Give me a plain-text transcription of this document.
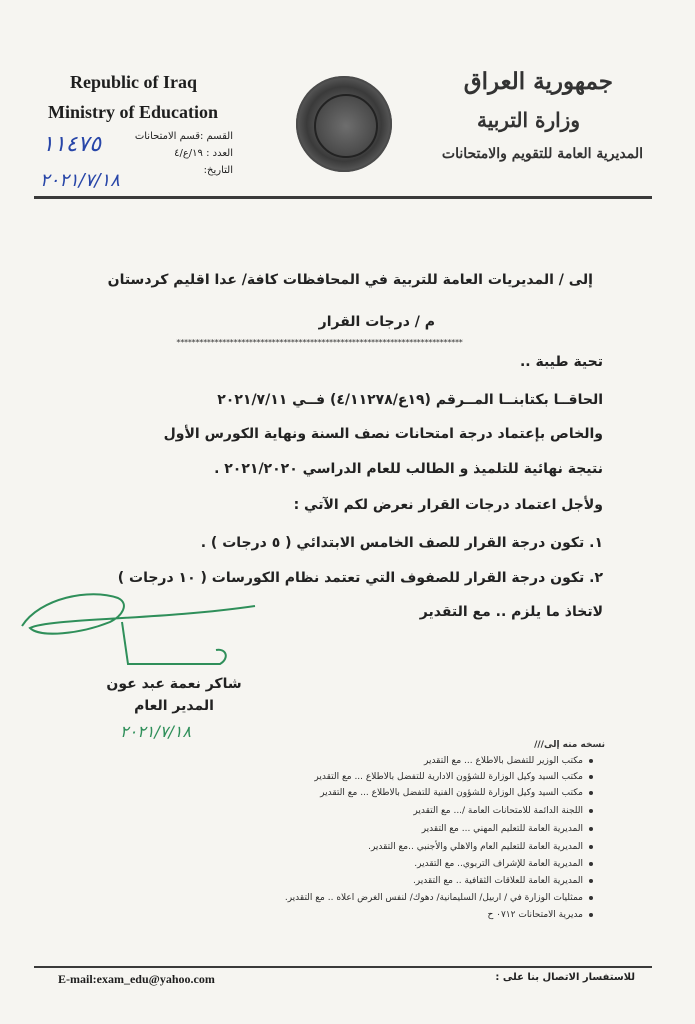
Republic of Iraq
Ministry of Education
القسم :قسم الامتحانات
العدد : ١٩/ع/٤
التاريخ:
١١٤٧٥
٢٠٢١/٧/١٨
جمهورية العراق
وزارة التربية
المديرية العامة للتقويم والامتحانات
إلى / المديريات العامة للتربية في المحافظات كافة/ عدا اقليم كردستان
م / درجات القرار
***************************************************************************
تحية طيبة ..
الحاقــا بكتابنــا المــرقم (١٩ع/٤/١١٢٧٨) فــي ٢٠٢١/٧/١١
والخاص بإعتماد درجة امتحانات نصف السنة ونهاية الكورس الأول
نتيجة نهائية للتلميذ و الطالب للعام الدراسي ٢٠٢١/٢٠٢٠ .
ولأجل اعتماد درجات القرار نعرض لكم الآتي :
١. تكون درجة القرار للصف الخامس الابتدائي ( ٥ درجات ) .
٢. تكون درجة القرار للصفوف التي تعتمد نظام الكورسات ( ١٠ درجات )
لاتخاذ ما يلزم .. مع التقدير
شاكر نعمة عبد عون
المدير العام
٢٠٢١/٧/١٨
نسخه منه إلى///
مكتب الوزير للتفضل بالاطلاع ... مع التقدير
مكتب السيد وكيل الوزارة للشؤون الادارية للتفضل بالاطلاع ... مع التقدير
مكتب السيد وكيل الوزارة للشؤون الفنية للتفضل بالاطلاع ... مع التقدير
اللجنة الدائمة للامتحانات العامة /... مع التقدير
المديرية العامة للتعليم المهني ... مع التقدير
المديرية العامة للتعليم العام والاهلي والأجنبي ..مع التقدير.
المديرية العامة للإشراف التربوي.. مع التقدير.
المديرية العامة للعلاقات الثقافية .. مع التقدير.
ممثليات الوزارة في / اربيل/ السليمانية/ دهوك/ لنفس الغرض اعلاه .. مع التقدير.
مديرية الامتحانات ٠٧١٢ ح
E-mail:exam_edu@yahoo.com	للاستفسار الاتصال بنا على :
